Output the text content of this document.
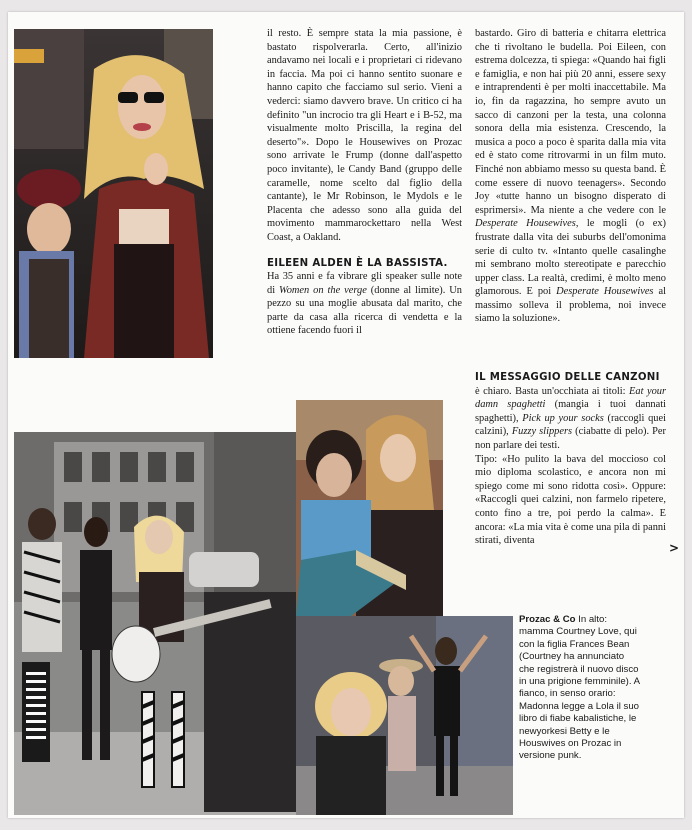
il resto. È sempre stata la mia passione, è bastato rispolverarla. Certo, all'inizio andavamo nei locali e i proprietari ci ridevano in faccia. Ma poi ci hanno sentito suonare e hanno capito che facciamo sul serio. Vieni a vederci: siamo davvero brave. Un critico ci ha definito "un incrocio tra gli Heart e i B-52, ma visualmente molto Priscilla, la regina del deserto"». Dopo le Housewives on Prozac sono arrivate le Frump (donne dall'aspetto poco invitante), le Candy Band (gruppo delle caramelle, nome scelto dal figlio della cantante), le Mr Robinson, le Mydols e le Placenta che adesso sono alla guida del movimento mammarockettaro nella West Coast, a Oakland.

EILEEN ALDEN È LA BASSISTA.

Ha 35 anni e fa vibrare gli speaker sulle note di Women on the verge (donne al limite). Un pezzo su una moglie abusata dal marito, che parte da casa alla ricerca di vendetta e la ottiene facendo fuori il

bastardo. Giro di batteria e chitarra elettrica che ti rivoltano le budella. Poi Eileen, con estrema dolcezza, ti spiega: «Quando hai figli e famiglia, e non hai più 20 anni, essere sexy e intraprendenti è per molti inaccettabile. Ma io, fin da ragazzina, ho sempre avuto un sacco di canzoni per la testa, una colonna sonora della mia esistenza. Crescendo, la musica a poco a poco è sparita dalla mia vita ed è stato come ritrovarmi in un film muto. Finché non abbiamo messo su questa band. È come essere di nuovo teenagers». Secondo Joy «tutte hanno un bisogno disperato di esprimersi». Ma niente a che vedere con le Desperate Housewives, le mogli (o ex) frustrate dalla vita dei suburbs dell'omonima serie di culto tv. «Intanto quelle casalinghe mi sembrano molto stereotipate e parecchio upper class. La realtà, credimi, è molto meno glamorous. E poi Desperate Housewives al massimo solleva il problema, noi invece siamo la soluzione».

IL MESSAGGIO DELLE CANZONI

è chiaro. Basta un'occhiata ai titoli: Eat your damn spaghetti (mangia i tuoi dannati spaghetti), Pick up your socks (raccogli quei calzini), Fuzzy slippers (ciabatte di pelo). Per non parlare dei testi.

Tipo: «Ho pulito la bava del moccioso col mio diploma scolastico, e ancora non mi spiego come mi sono ridotta così». Oppure: «Raccogli quei calzini, non farmelo ripetere, conto fino a tre, poi perdo la calma». E ancora: «La mia vita è come una pila di panni stirati, diventa

>
Prozac & Co In alto: mamma Courtney Love, qui con la figlia Frances Bean (Courtney ha annunciato che registrerà il nuovo disco in una prigione femminile). A fianco, in senso orario: Madonna legge a Lola il suo libro di fiabe kabalistiche, le newyorkesi Betty e le Houswives on Prozac in versione punk.
